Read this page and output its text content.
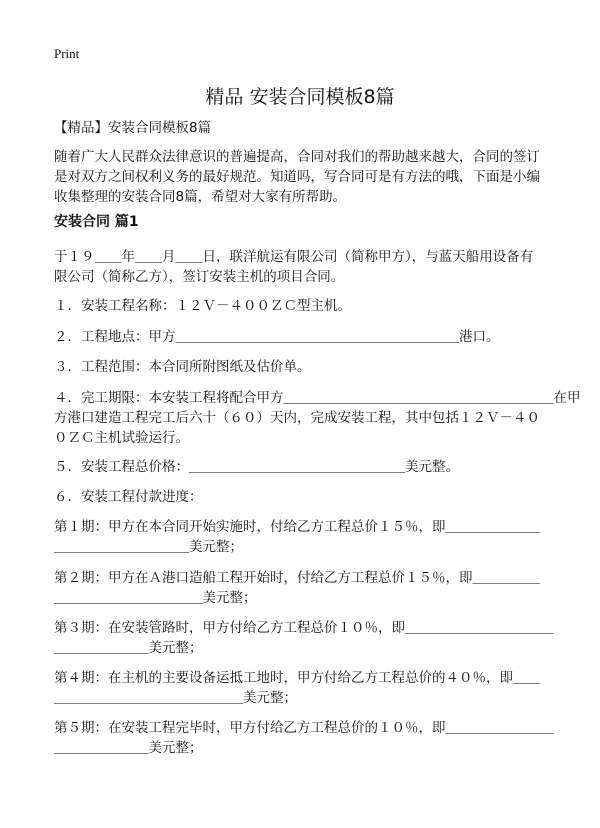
Print
精品 安装合同模板8篇
【精品】安装合同模板8篇
随着广大人民群众法律意识的普遍提高，合同对我们的帮助越来越大，合同的签订
是对双方之间权利义务的最好规范。知道吗，写合同可是有方法的哦，下面是小编
收集整理的安装合同8篇，希望对大家有所帮助。
安装合同 篇1
于１９＿＿年＿＿月＿＿日，联洋航运有限公司（简称甲方），与蓝天船用设备有
限公司（简称乙方），签订安装主机的项目合同。
１．安装工程名称：１２Ｖ－４００ＺＣ型主机。
２．工程地点：甲方＿＿＿＿＿＿＿＿＿＿＿＿＿＿＿＿＿＿＿＿＿港口。
３．工程范围：本合同所附图纸及估价单。
４．完工期限：本安装工程将配合甲方＿＿＿＿＿＿＿＿＿＿＿＿＿＿＿＿＿＿＿＿在甲
方港口建造工程完工后六十（６０）天内，完成安装工程，其中包括１２Ｖ－４０
０ＺＣ主机试验运行。
５．安装工程总价格：＿＿＿＿＿＿＿＿＿＿＿＿＿＿＿＿美元整。
６．安装工程付款进度：
第１期：甲方在本合同开始实施时，付给乙方工程总价１５％，即＿＿＿＿＿＿＿
＿＿＿＿＿＿＿＿＿＿美元整；
第２期：甲方在Ａ港口造船工程开始时，付给乙方工程总价１５％，即＿＿＿＿＿
＿＿＿＿＿＿＿＿＿＿＿美元整；
第３期：在安装管路时，甲方付给乙方工程总价１０％，即＿＿＿＿＿＿＿＿＿＿＿
＿＿＿＿＿＿＿美元整；
第４期：在主机的主要设备运抵工地时，甲方付给乙方工程总价的４０％，即＿＿
＿＿＿＿＿＿＿＿＿＿＿＿＿＿美元整；
第５期：在安装工程完毕时，甲方付给乙方工程总价的１０％，即＿＿＿＿＿＿＿＿
＿＿＿＿＿＿＿美元整；
